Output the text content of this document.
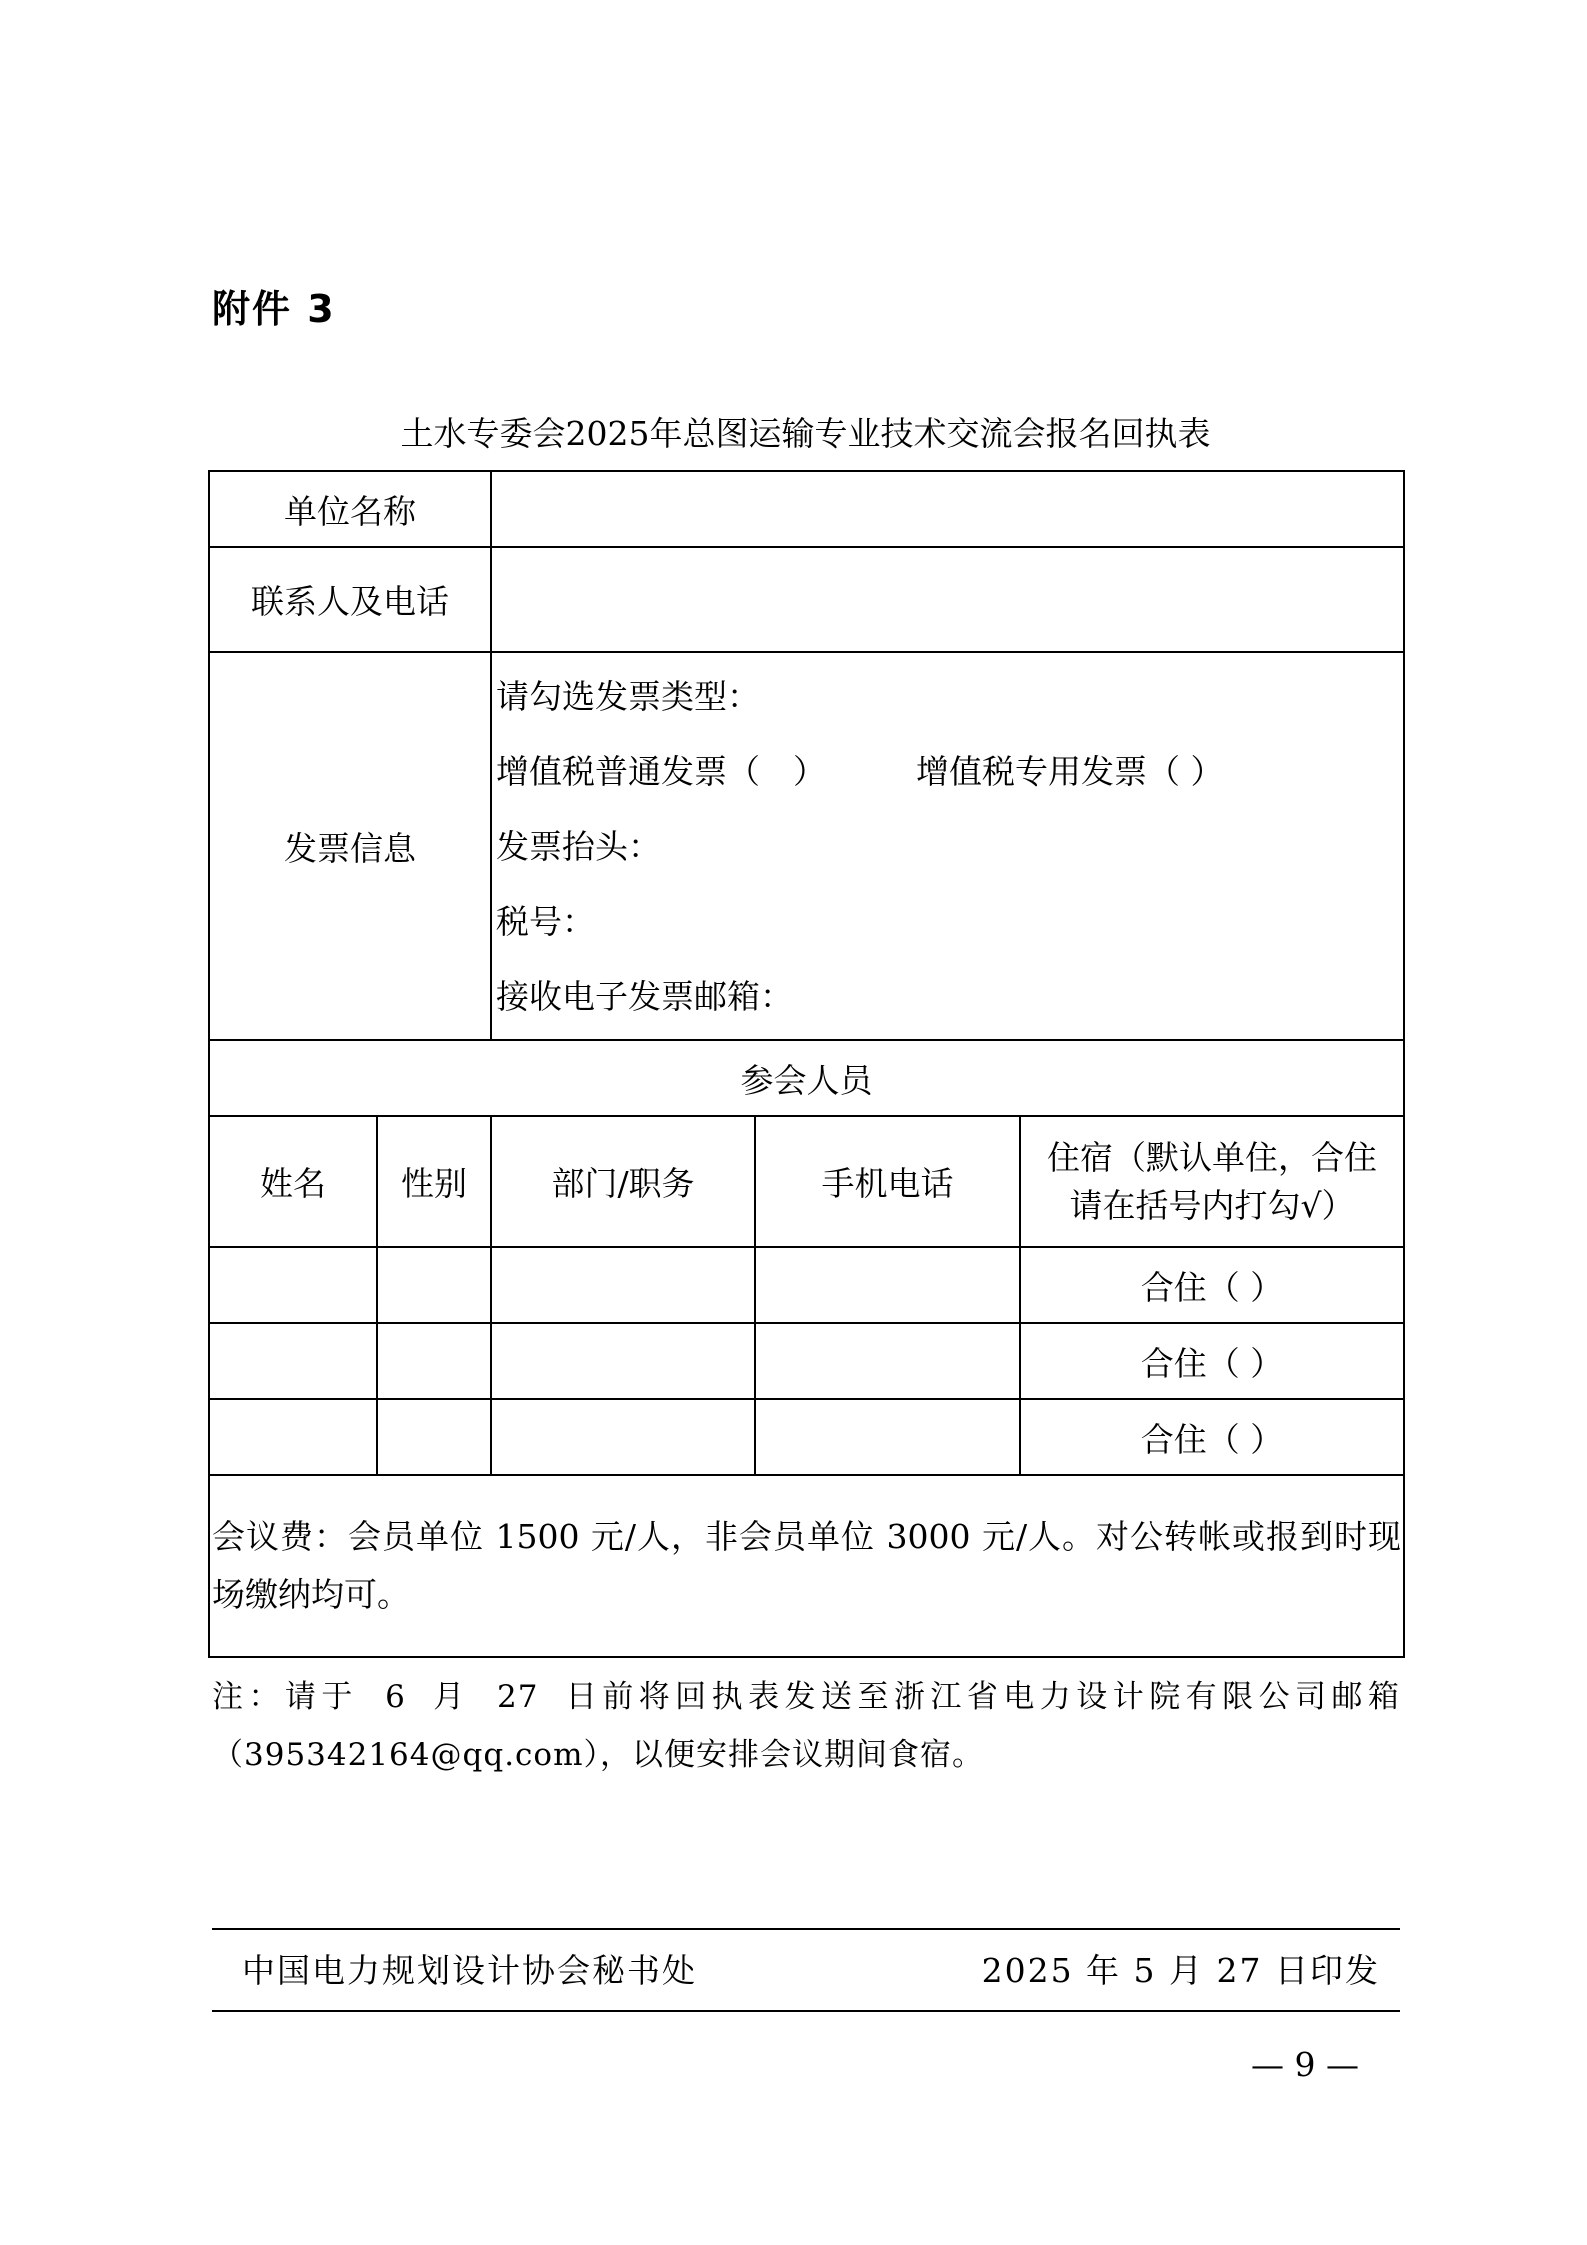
附件 3
土水专委会2025年总图运输专业技术交流会报名回执表
单位名称				
联系人及电话				
发票信息		请勾选发票类型：
增值税普通发票（　） 增值税专用发票（ ）
发票抬头：
税号：
接收电子发票邮箱：		

参会人员				
姓名	性别	部门/职务	手机电话	住宿（默认单住，合住
请在括号内打勾√）

				合住（ ）
				合住（ ）
				合住（ ）
会议费：会员单位 1500 元/人，非会员单位 3000 元/人。对公转帐或报到时现场缴纳均可。				
注：请于 6 月 27 日前将回执表发送至浙江省电力设计院有限公司邮箱
（395342164@qq.com），以便安排会议期间食宿。
中国电力规划设计协会秘书处	2025 年 5 月 27 日印发
— 9 —
